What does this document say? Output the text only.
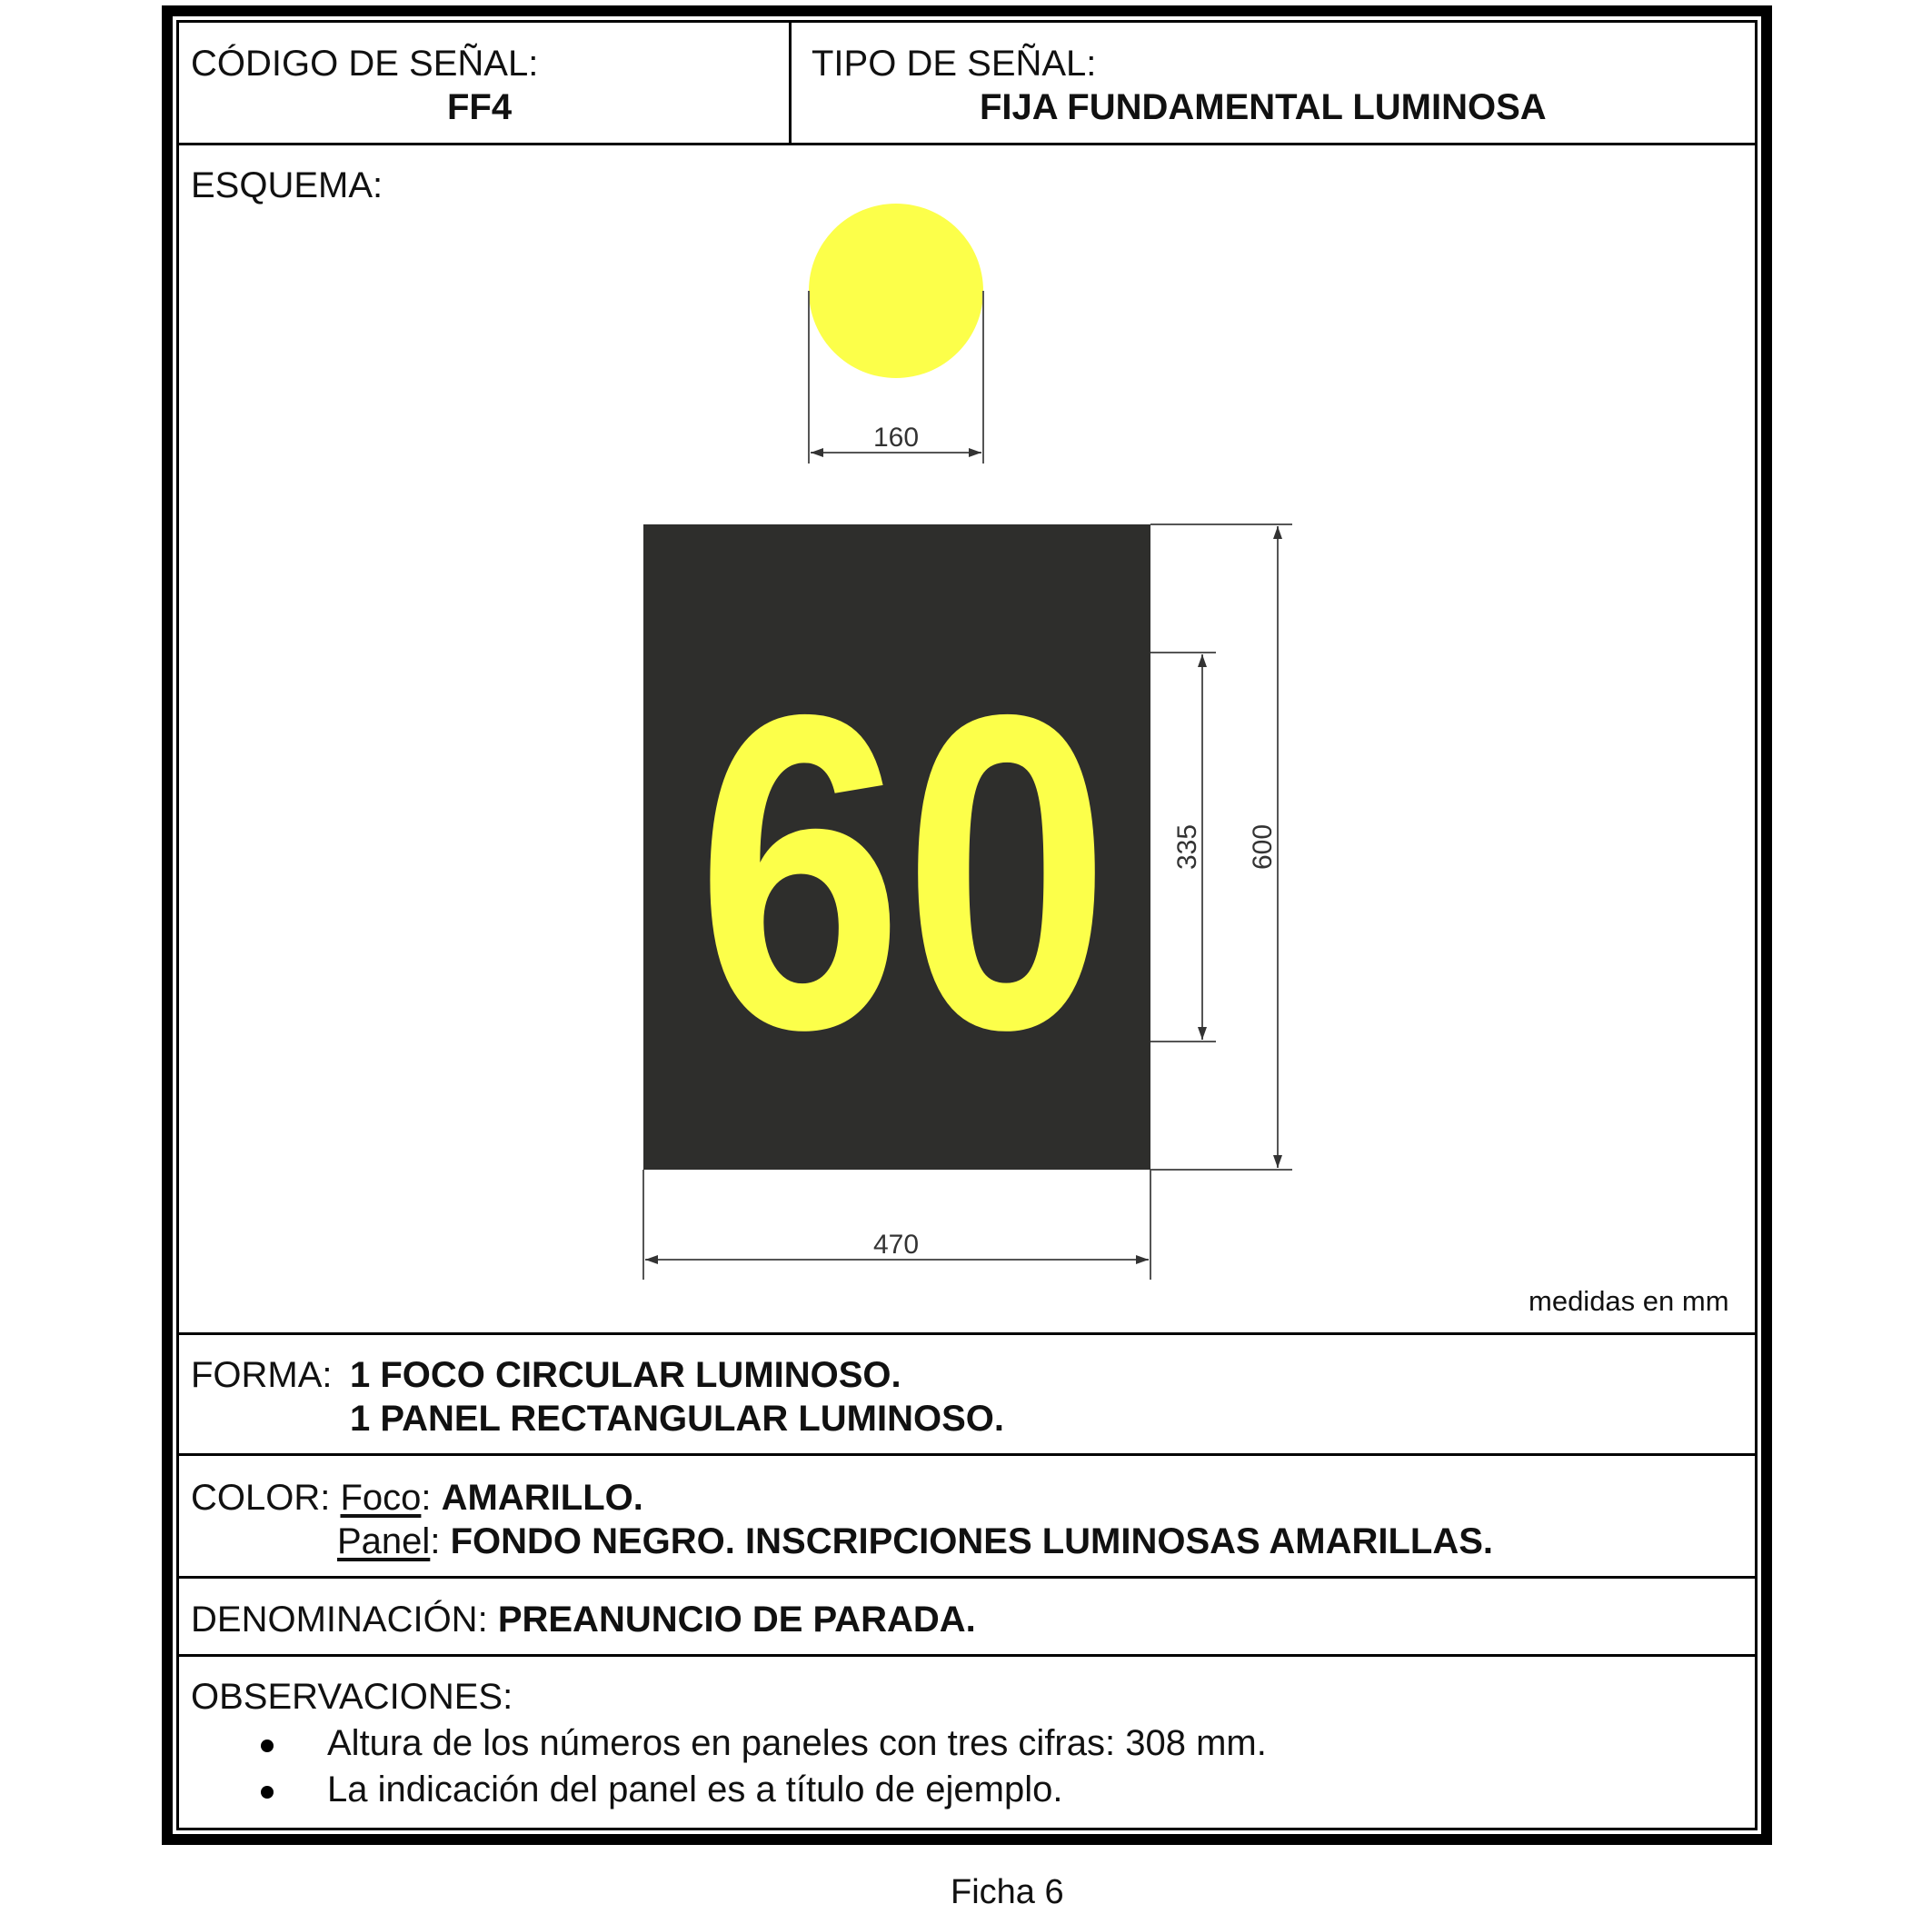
CÓDIGO DE SEÑAL:
FF4
TIPO DE SEÑAL:
FIJA FUNDAMENTAL LUMINOSA
ESQUEMA:
160
60
470
335 600
medidas en mm
FORMA: 1 FOCO CIRCULAR LUMINOSO.
1 PANEL RECTANGULAR LUMINOSO.
COLOR: Foco: AMARILLO.
Panel: FONDO NEGRO. INSCRIPCIONES LUMINOSAS AMARILLAS.
DENOMINACIÓN: PREANUNCIO DE PARADA.
OBSERVACIONES:
Altura de los números en paneles con tres cifras: 308 mm.
La indicación del panel es a título de ejemplo.
Ficha 6
